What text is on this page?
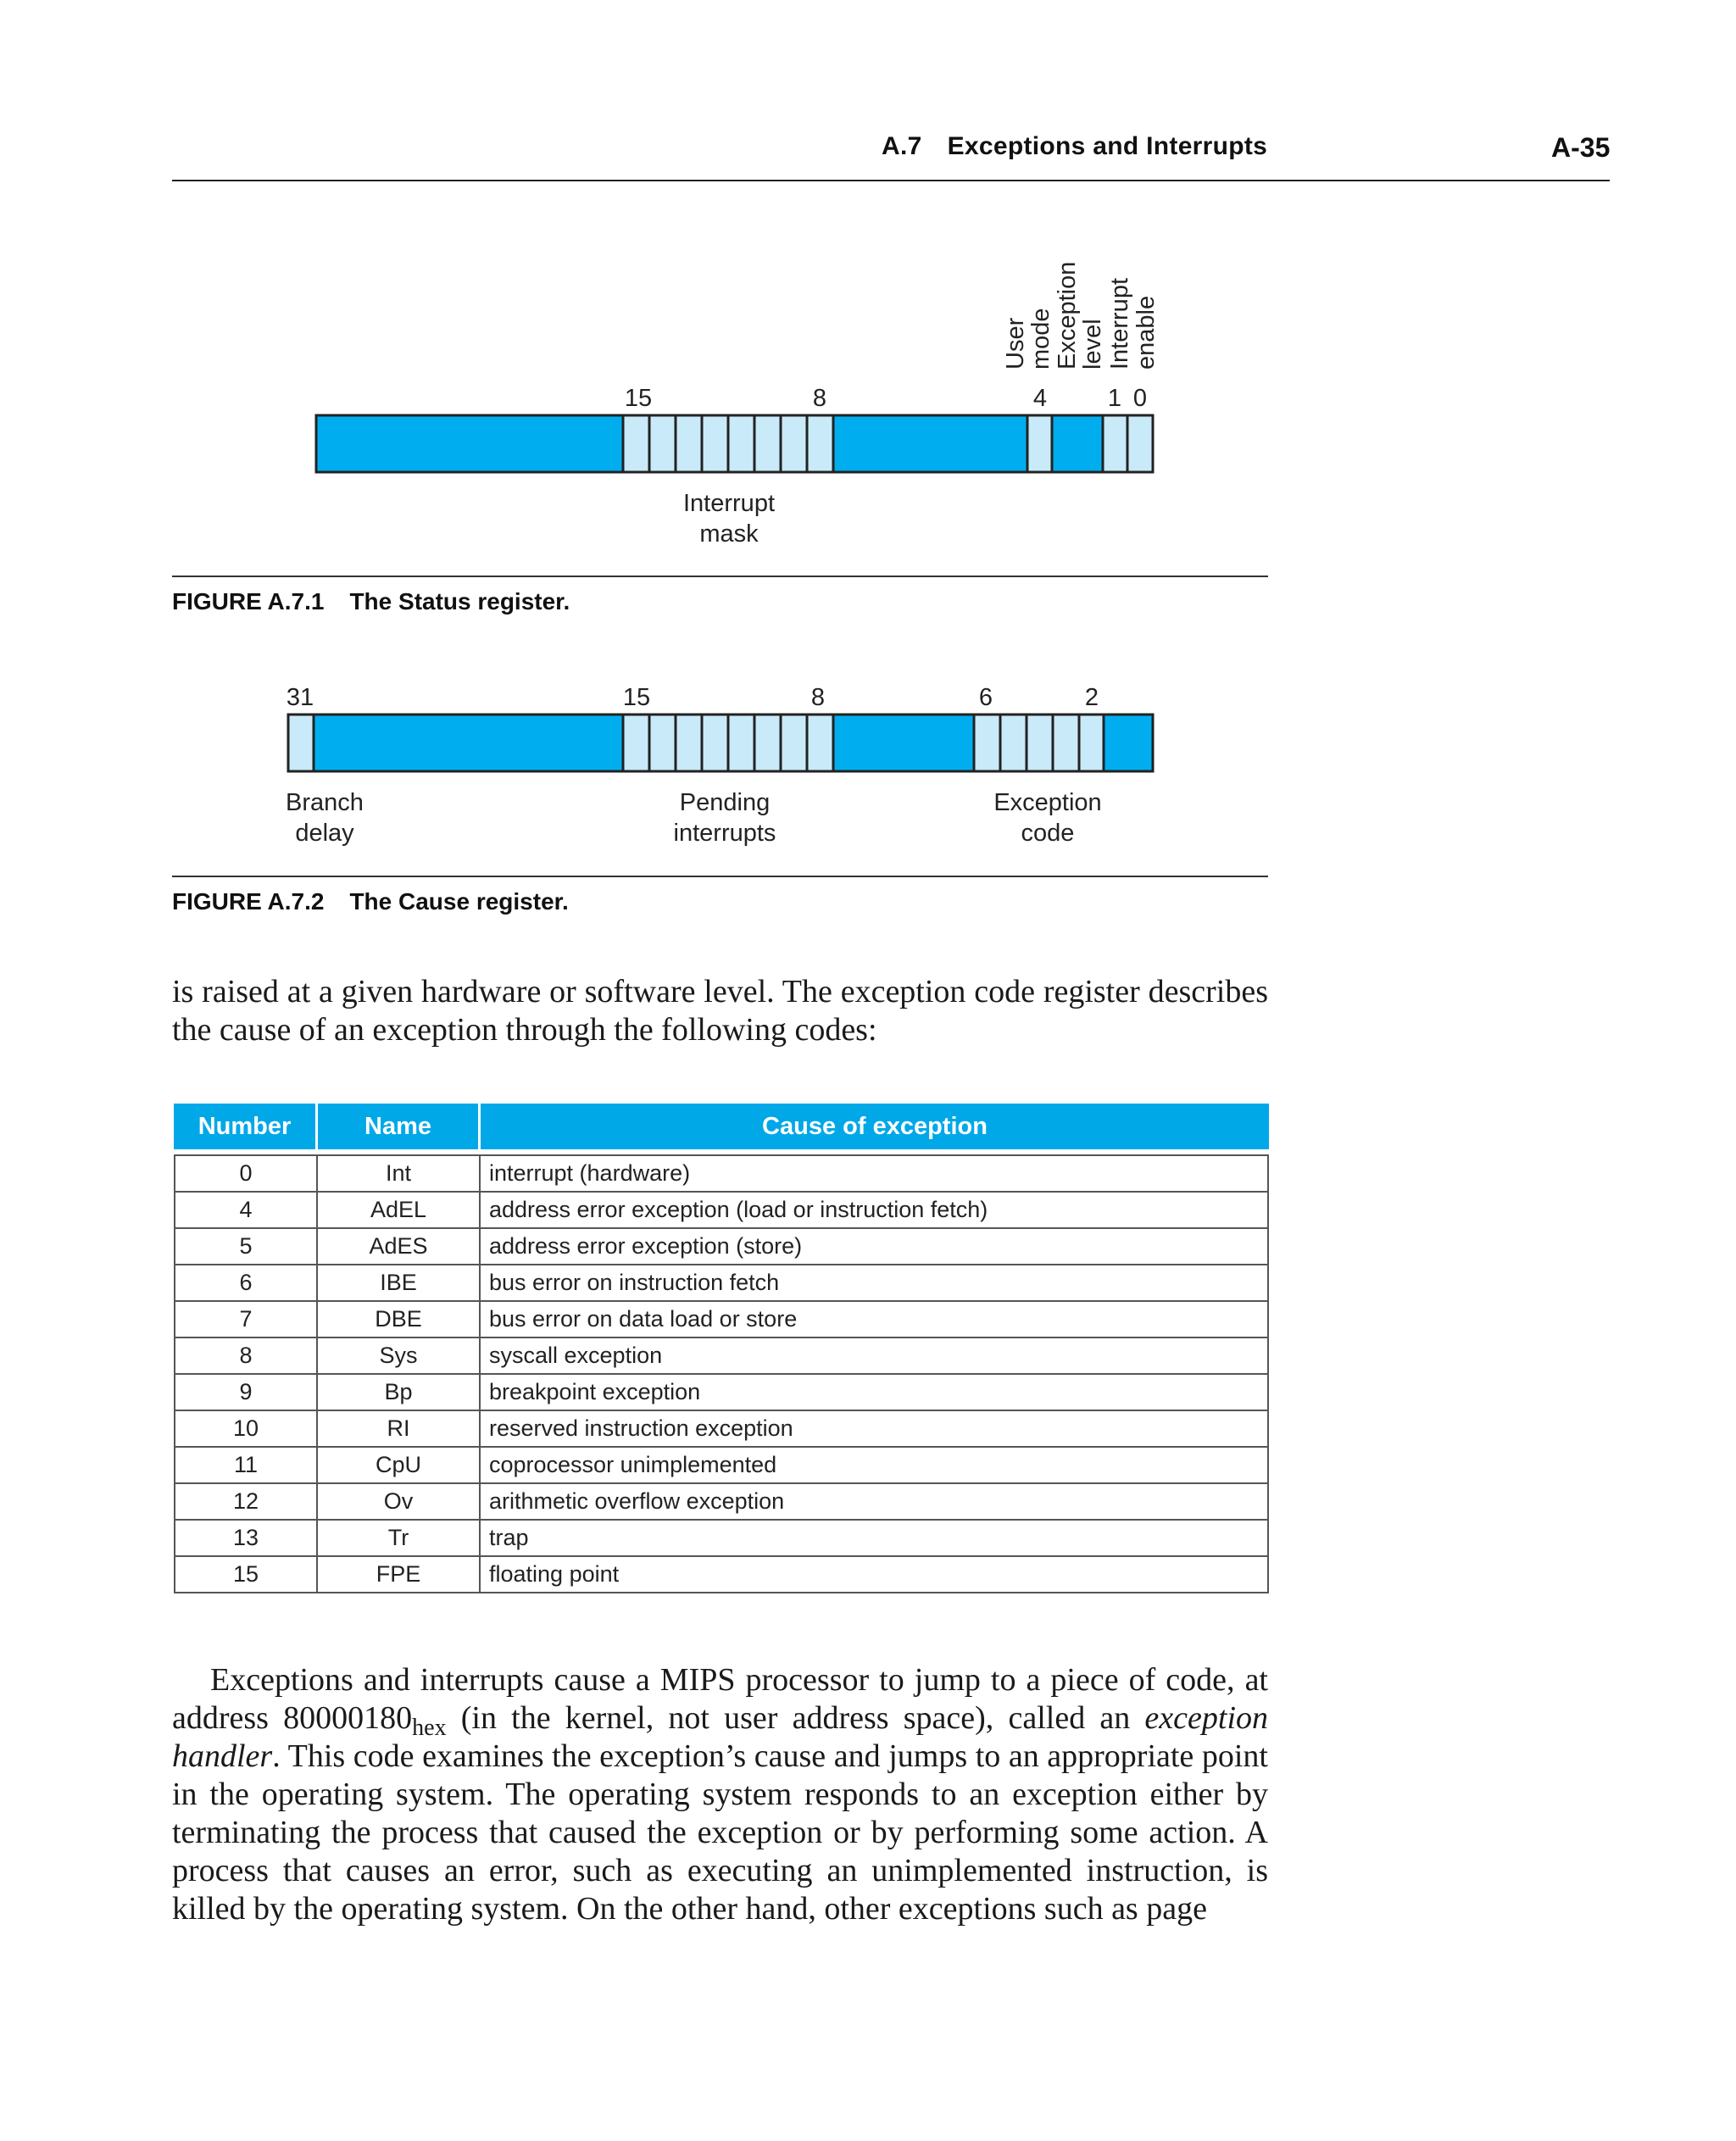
A.7 Exceptions and Interrupts	A-35
User
mode Exception
level Interrupt enable
15	8	4 1 0
Interrupt
mask
31	15	8	6	2
Branch
delay
Pending
interrupts
Exception
code
FIGURE A.7.1 The Status register.
FIGURE A.7.2 The Cause register.
is raised at a given hardware or software level. The exception code register describes the cause of an exception through the following codes:
Number	Name	Cause of exception

0	Int	interrupt (hardware)
4	AdEL	address error exception (load or instruction fetch)
5	AdES	address error exception (store)
6	IBE	bus error on instruction fetch
7	DBE	bus error on data load or store
8	Sys	syscall exception
9	Bp	breakpoint exception
10	RI	reserved instruction exception
11	CpU	coprocessor unimplemented
12	Ov	arithmetic overflow exception
13	Tr	trap
15	FPE	floating point
Exceptions and interrupts cause a MIPS processor to jump to a piece of code, at address $80000180_{hex}$ (in the kernel, not user address space), called an exception handler. This code examines the exception’s cause and jumps to an appropriate point in the operating system. The operating system responds to an exception either by terminating the process that caused the exception or by performing some action. A process that causes an error, such as executing an unimplemented instruction, is killed by the operating system. On the other hand, other exceptions such as page
